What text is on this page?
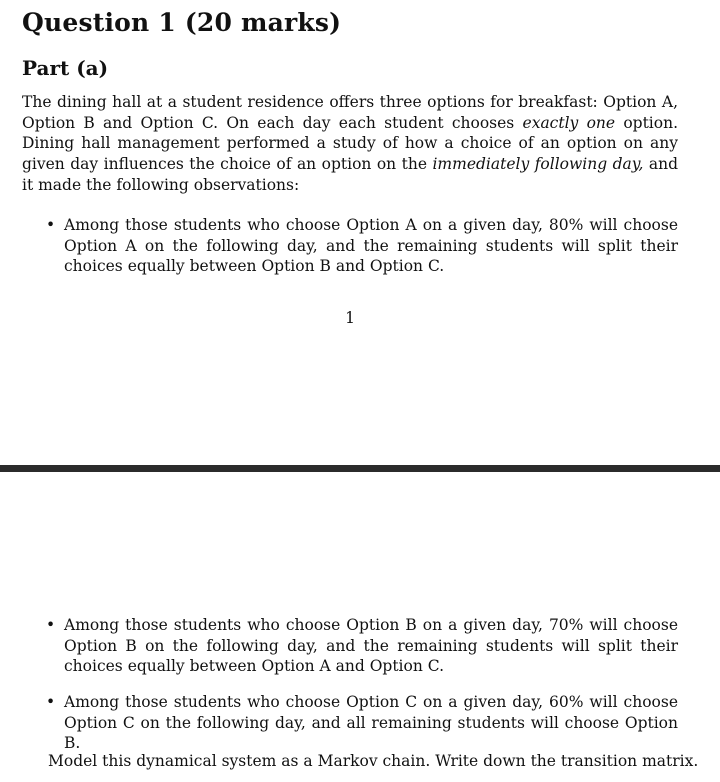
Question 1 (20 marks)
Part (a)

The dining hall at a student residence offers three options for breakfast: Option A, Option B and Option C. On each day each student chooses exactly one option. Dining hall management performed a study of how a choice of an option on any given day influences the choice of an option on the immediately following day, and it made the following observations:

• Among those students who choose Option A on a given day, 80% will choose Option A on the following day, and the remaining students will split their choices equally between Option B and Option C.
1
• Among those students who choose Option B on a given day, 70% will choose Option B on the following day, and the remaining students will split their choices equally between Option A and Option C.
• Among those students who choose Option C on a given day, 60% will choose Option C on the following day, and all remaining students will choose Option B.

Model this dynamical system as a Markov chain. Write down the transition matrix.
